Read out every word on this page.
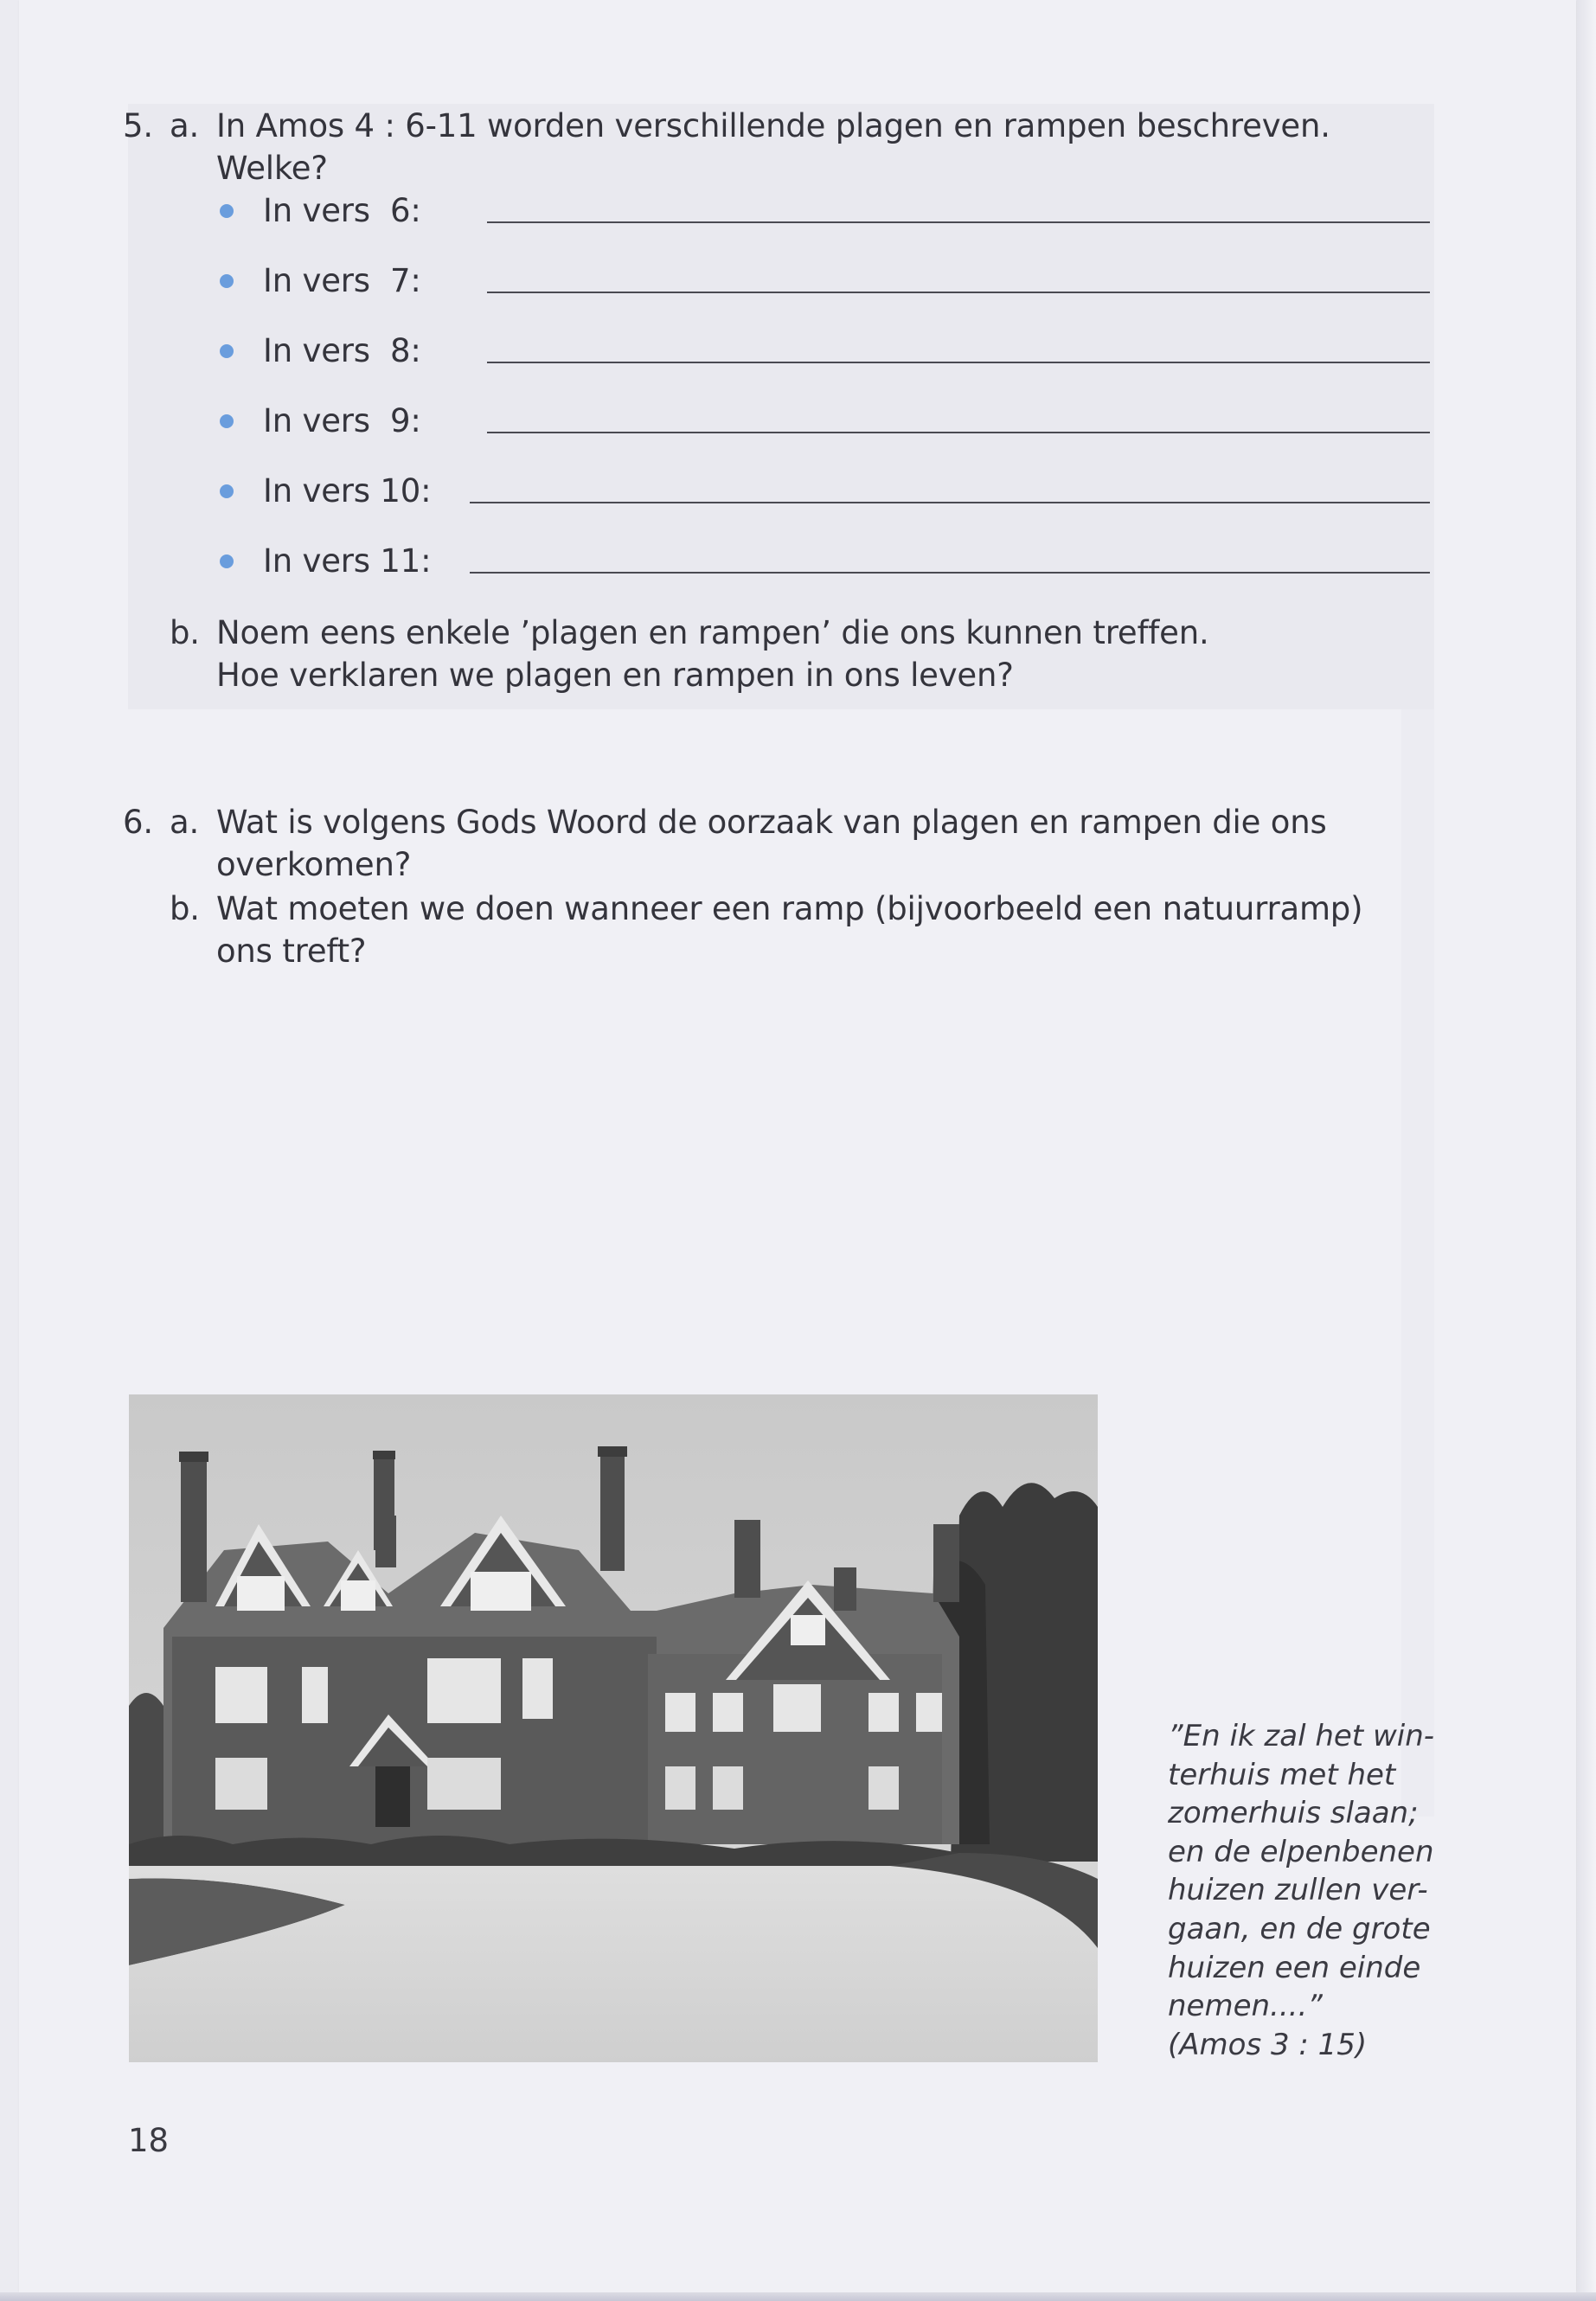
5. a. In Amos 4 : 6-11 worden verschillende plagen en rampen beschreven.

Welke?

In vers  6:

In vers  7:

In vers  8:

In vers  9:

In vers 10:

In vers 11:

b. Noem eens enkele ’plagen en rampen’ die ons kunnen treffen.

Hoe verklaren we plagen en rampen in ons leven?

6. a. Wat is volgens Gods Woord de oorzaak van plagen en rampen die ons

overkomen?

b. Wat moeten we doen wanneer een ramp (bijvoorbeeld een natuurramp)

ons treft?

”En ik zal het win-
terhuis met het
zomerhuis slaan;
en de elpenbenen
huizen zullen ver-
gaan, en de grote
huizen een einde
nemen....”
(Amos 3 : 15)

18
